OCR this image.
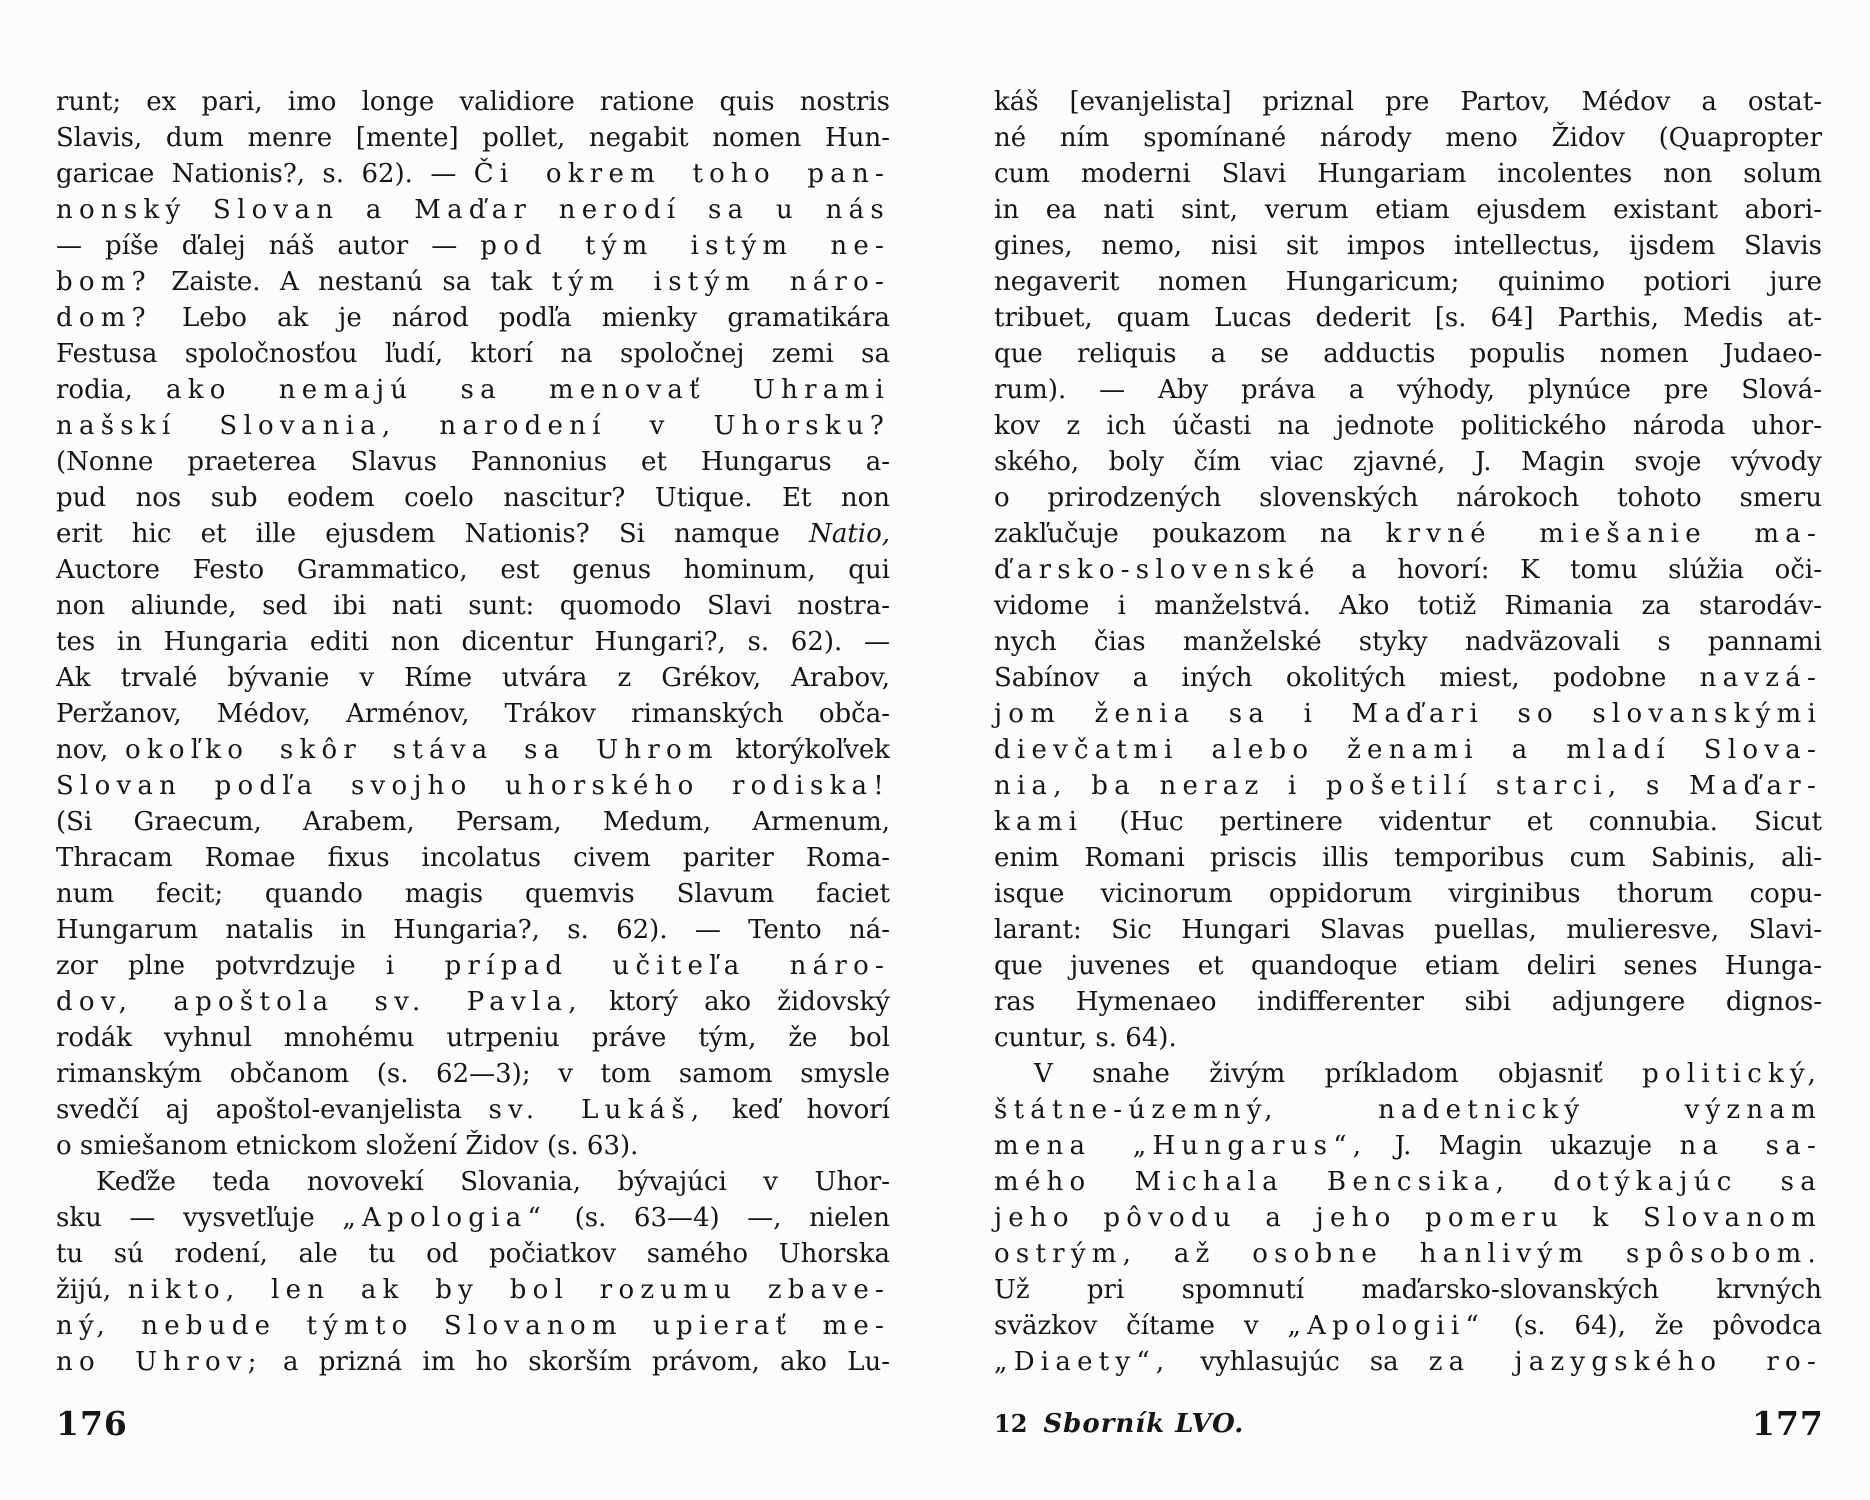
runt; ex pari, imo longe validiore ratione quis nostris
Slavis, dum menre [mente] pollet, negabit nomen Hun-
garicae Nationis?, s. 62). — Či okrem toho pan-
nonský Slovan a Maďar nerodí sa u nás
— píše ďalej náš autor — pod tým istým ne-
bom? Zaiste. A nestanú sa tak tým istým náro-
dom? Lebo ak je národ podľa mienky gramatikára
Festusa spoločnosťou ľudí, ktorí na spoločnej zemi sa
rodia, ako nemajú sa menovať Uhrami
našskí Slovania, narodení v Uhorsku?
(Nonne praeterea Slavus Pannonius et Hungarus a-
pud nos sub eodem coelo nascitur? Utique. Et non
erit hic et ille ejusdem Nationis? Si namque Natio,
Auctore Festo Grammatico, est genus hominum, qui
non aliunde, sed ibi nati sunt: quomodo Slavi nostra-
tes in Hungaria editi non dicentur Hungari?, s. 62). —
Ak trvalé bývanie v Ríme utvára z Grékov, Arabov,
Peržanov, Médov, Arménov, Trákov rimanských obča-
nov, okoľko skôr stáva sa Uhrom ktorýkoľvek
Slovan podľa svojho uhorského rodiska!
(Si Graecum, Arabem, Persam, Medum, Armenum,
Thracam Romae fixus incolatus civem pariter Roma-
num fecit; quando magis quemvis Slavum faciet
Hungarum natalis in Hungaria?, s. 62). — Tento ná-
zor plne potvrdzuje i prípad učiteľa náro-
dov, apoštola sv. Pavla, ktorý ako židovský
rodák vyhnul mnohému utrpeniu práve tým, že bol
rimanským občanom (s. 62—3); v tom samom smysle
svedčí aj apoštol-evanjelista sv. Lukáš, keď hovorí
o smiešanom etnickom složení Židov (s. 63).
Keďže teda novovekí Slovania, bývajúci v Uhor-
sku — vysvetľuje „Apologia“ (s. 63—4) —, nielen
tu sú rodení, ale tu od počiatkov samého Uhorska
žijú, nikto, len ak by bol rozumu zbave-
ný, nebude týmto Slovanom upierať me-
no Uhrov; a prizná im ho skorším právom, ako Lu-
káš [evanjelista] priznal pre Partov, Médov a ostat-
né ním spomínané národy meno Židov (Quapropter
cum moderni Slavi Hungariam incolentes non solum
in ea nati sint, verum etiam ejusdem existant abori-
gines, nemo, nisi sit impos intellectus, ijsdem Slavis
negaverit nomen Hungaricum; quinimo potiori jure
tribuet, quam Lucas dederit [s. 64] Parthis, Medis at-
que reliquis a se adductis populis nomen Judaeo-
rum). — Aby práva a výhody, plynúce pre Slová-
kov z ich účasti na jednote politického národa uhor-
ského, boly čím viac zjavné, J. Magin svoje vývody
o prirodzených slovenských nárokoch tohoto smeru
zakľučuje poukazom na krvné miešanie ma-
ďarsko-slovenské a hovorí: K tomu slúžia oči-
vidome i manželstvá. Ako totiž Rimania za starodáv-
nych čias manželské styky nadväzovali s pannami
Sabínov a iných okolitých miest, podobne navzá-
jom ženia sa i Maďari so slovanskými
dievčatmi alebo ženami a mladí Slova-
nia, ba neraz i pošetilí starci, s Maďar-
kami (Huc pertinere videntur et connubia. Sicut
enim Romani priscis illis temporibus cum Sabinis, ali-
isque vicinorum oppidorum virginibus thorum copu-
larant: Sic Hungari Slavas puellas, mulieresve, Slavi-
que juvenes et quandoque etiam deliri senes Hunga-
ras Hymenaeo indifferenter sibi adjungere dignos-
cuntur, s. 64).
V snahe živým príkladom objasniť politický,
štátne-územný, nadetnický význam
mena „Hungarus“, J. Magin ukazuje na sa-
mého Michala Bencsika, dotýkajúc sa
jeho pôvodu a jeho pomeru k Slovanom
ostrým, až osobne hanlivým spôsobom.
Už pri spomnutí maďarsko-slovanských krvných
sväzkov čítame v „Apologii“ (s. 64), že pôvodca
„Diaety“, vyhlasujúc sa za jazygského ro-
176	12 Sborník LVO.	177
